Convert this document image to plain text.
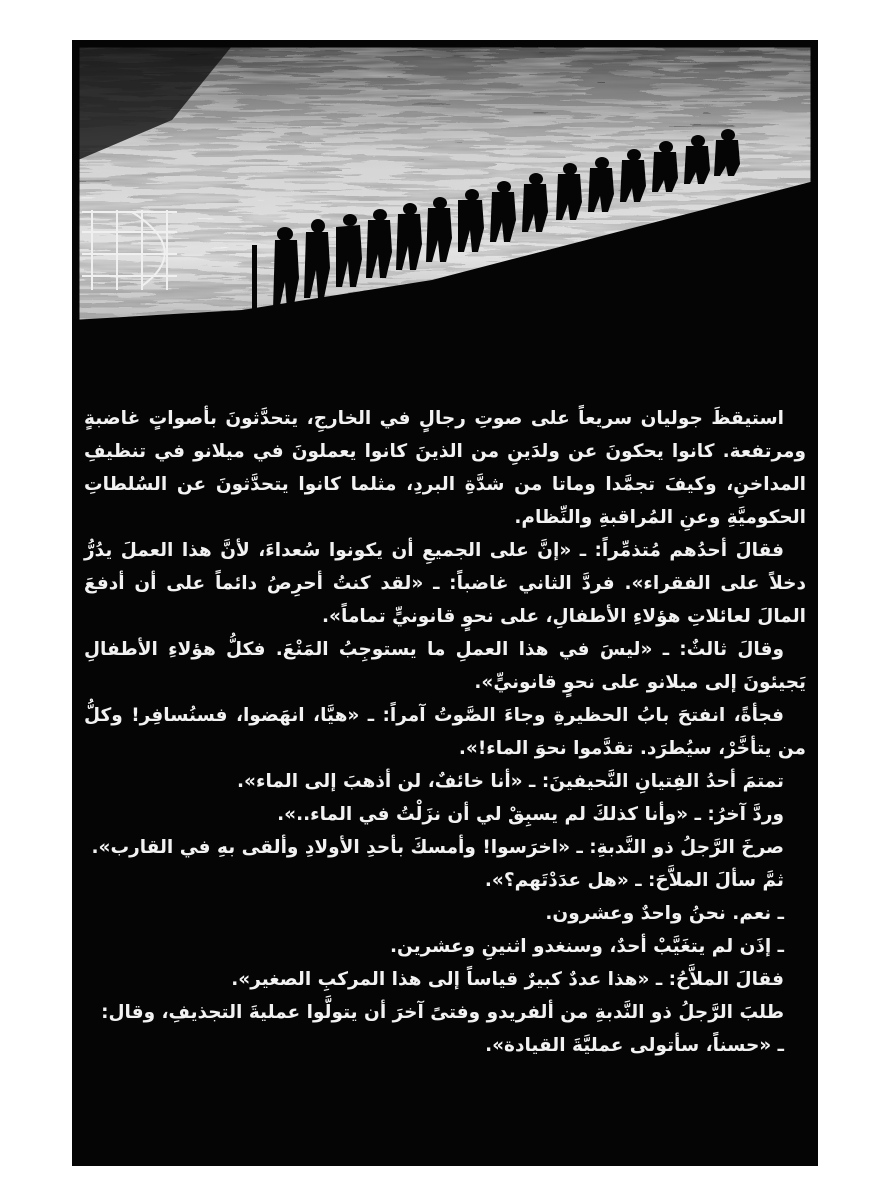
استيقظَ جوليان سريعاً على صوتِ رجالٍ في الخارجِ، يتحدَّثونَ بأصواتٍ غاضبةٍ ومرتفعة. كانوا يحكونَ عن ولدَينِ من الذينَ كانوا يعملونَ في ميلانو في تنظيفِ المداخنِ، وكيفَ تجمَّدا وماتا من شدَّةِ البردِ، مثلما كانوا يتحدَّثونَ عن السُلطاتِ الحكوميَّةِ وعنِ المُراقبةِ والنِّظام.

فقالَ أحدُهم مُتذمِّراً: ـ «إنَّ على الجميعِ أن يكونوا سُعداءَ، لأنَّ هذا العملَ يدُرُّ دخلاً على الفقراء». فردَّ الثاني غاضباً: ـ «لقد كنتُ أحرِصُ دائماً على أن أدفعَ المالَ لعائلاتِ هؤلاءِ الأطفالِ، على نحوٍ قانونيٍّ تماماً».

وقالَ ثالثٌ: ـ «ليسَ في هذا العملِ ما يستوجِبُ المَنْعَ. فكلُّ هؤلاءِ الأطفالِ يَجيئونَ إلى ميلانو على نحوٍ قانونيٍّ».

فجأةً، انفتحَ بابُ الحظيرةِ وجاءَ الصَّوتُ آمراً: ـ «هيَّا، انهَضوا، فسنُسافِر! وكلُّ من يتأخَّرْ، سيُطرَد. تقدَّموا نحوَ الماء!».

تمتمَ أحدُ الفِتيانِ النَّحيفينَ: ـ «أنا خائفٌ، لن أذهبَ إلى الماء».

وردَّ آخرُ: ـ «وأنا كذلكَ لم يسبِقْ لي أن نزَلْتُ في الماء..».

صرخَ الرَّجلُ ذو النَّدبةِ: ـ «اخرَسوا! وأمسكَ بأحدِ الأولادِ وألقى بهِ في القارب».

ثمَّ سألَ الملاَّحَ: ـ «هل عدَدْتَهم؟».

ـ نعم. نحنُ واحدٌ وعشرون.

ـ إذَن لم يتغَيَّبْ أحدٌ، وسنغدو اثنينِ وعشرين.

فقالَ الملاَّحُ: ـ «هذا عددٌ كبيرٌ قياساً إلى هذا المركبِ الصغير».

طلبَ الرَّجلُ ذو النَّدبةِ من ألفريدو وفتىً آخرَ أن يتولَّوا عمليةَ التجذيفِ، وقال:

ـ «حسناً، سأتولى عمليَّةَ القيادة».
